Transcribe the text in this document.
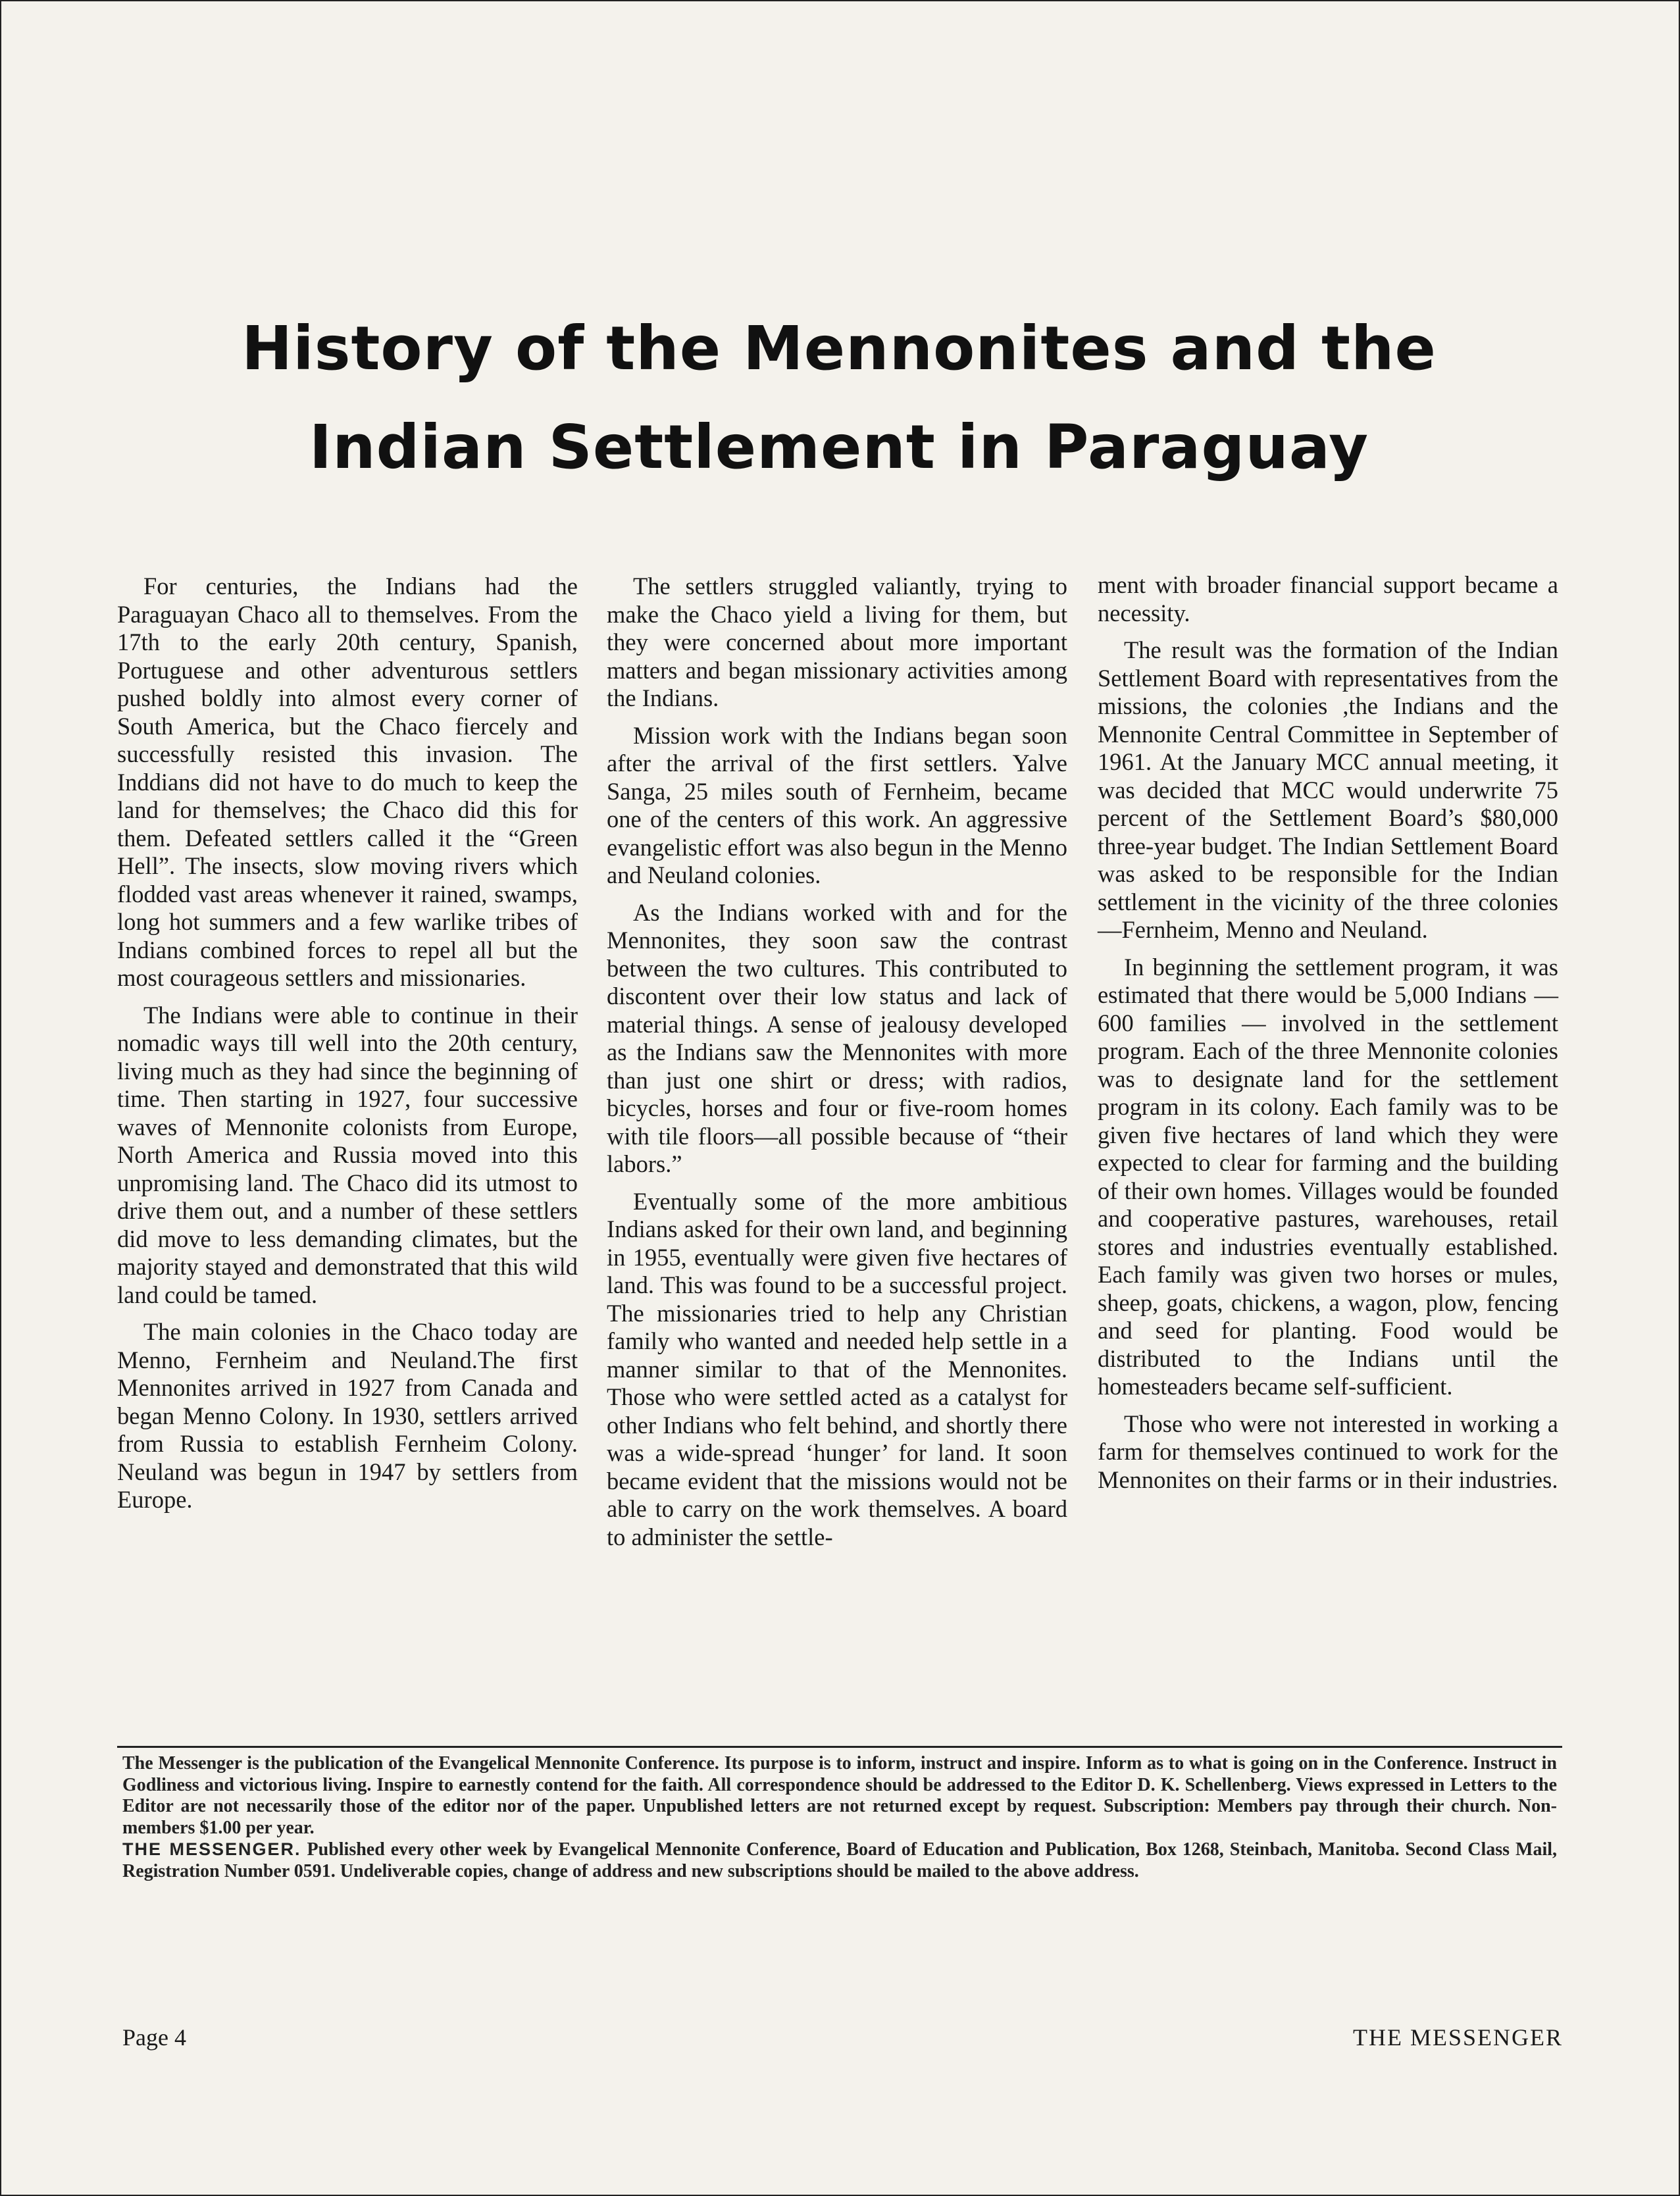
History of the Mennonites and the
Indian Settlement in Paraguay

For centuries, the Indians had the Paraguayan Chaco all to themselves. From the 17th to the early 20th century, Spanish, Portuguese and other adventurous settlers pushed boldly into almost every corner of South America, but the Chaco fiercely and successfully resisted this invasion. The Inddians did not have to do much to keep the land for themselves; the Chaco did this for them. Defeated settlers called it the “Green Hell”. The insects, slow moving rivers which flodded vast areas whenever it rained, swamps, long hot summers and a few warlike tribes of Indians combined forces to repel all but the most courageous settlers and missionaries.

The Indians were able to continue in their nomadic ways till well into the 20th century, living much as they had since the beginning of time. Then starting in 1927, four successive waves of Mennonite colonists from Europe, North America and Russia moved into this unpromising land. The Chaco did its utmost to drive them out, and a number of these settlers did move to less demanding climates, but the majority stayed and demonstrated that this wild land could be tamed.

The main colonies in the Chaco today are Menno, Fernheim and Neuland.The first Mennonites arrived in 1927 from Canada and began Menno Colony. In 1930, settlers arrived from Russia to establish Fernheim Colony. Neuland was begun in 1947 by settlers from Europe.

The settlers struggled valiantly, trying to make the Chaco yield a living for them, but they were concerned about more important matters and began missionary activities among the Indians.

Mission work with the Indians began soon after the arrival of the first settlers. Yalve Sanga, 25 miles south of Fernheim, became one of the centers of this work. An aggressive evangelistic effort was also begun in the Menno and Neuland colonies.

As the Indians worked with and for the Mennonites, they soon saw the contrast between the two cultures. This contributed to discontent over their low status and lack of material things. A sense of jealousy developed as the Indians saw the Mennonites with more than just one shirt or dress; with radios, bicycles, horses and four or five-room homes with tile floors—all possible because of “their labors.”

Eventually some of the more ambitious Indians asked for their own land, and beginning in 1955, eventually were given five hectares of land. This was found to be a successful project. The missionaries tried to help any Christian family who wanted and needed help settle in a manner similar to that of the Mennonites. Those who were settled acted as a catalyst for other Indians who felt behind, and shortly there was a wide-spread ‘hunger’ for land. It soon became evident that the missions would not be able to carry on the work themselves. A board to administer the settle-

ment with broader financial support became a necessity.

The result was the formation of the Indian Settlement Board with representatives from the missions, the colonies ,the Indians and the Mennonite Central Committee in September of 1961. At the January MCC annual meeting, it was decided that MCC would underwrite 75 percent of the Settlement Board’s $80,000 three-year budget. The Indian Settlement Board was asked to be responsible for the Indian settlement in the vicinity of the three colonies—Fernheim, Menno and Neuland.

In beginning the settlement program, it was estimated that there would be 5,000 Indians — 600 families — involved in the settlement program. Each of the three Mennonite colonies was to designate land for the settlement program in its colony. Each family was to be given five hectares of land which they were expected to clear for farming and the building of their own homes. Villages would be founded and cooperative pastures, warehouses, retail stores and industries eventually established. Each family was given two horses or mules, sheep, goats, chickens, a wagon, plow, fencing and seed for planting. Food would be distributed to the Indians until the homesteaders became self-sufficient.

Those who were not interested in working a farm for themselves continued to work for the Mennonites on their farms or in their industries.

The Messenger is the publication of the Evangelical Mennonite Conference. Its purpose is to inform, instruct and inspire. Inform as to what is going on in the Conference. Instruct in Godliness and victorious living. Inspire to earnestly contend for the faith. All correspondence should be addressed to the Editor D. K. Schellenberg. Views expressed in Letters to the Editor are not necessarily those of the editor nor of the paper. Unpublished letters are not returned except by request. Subscription: Members pay through their church. Non-members $1.00 per year.

THE MESSENGER. Published every other week by Evangelical Mennonite Conference, Board of Education and Publication, Box 1268, Steinbach, Manitoba. Second Class Mail, Registration Number 0591. Undeliverable copies, change of address and new subscriptions should be mailed to the above address.

Page 4	THE MESSENGER
